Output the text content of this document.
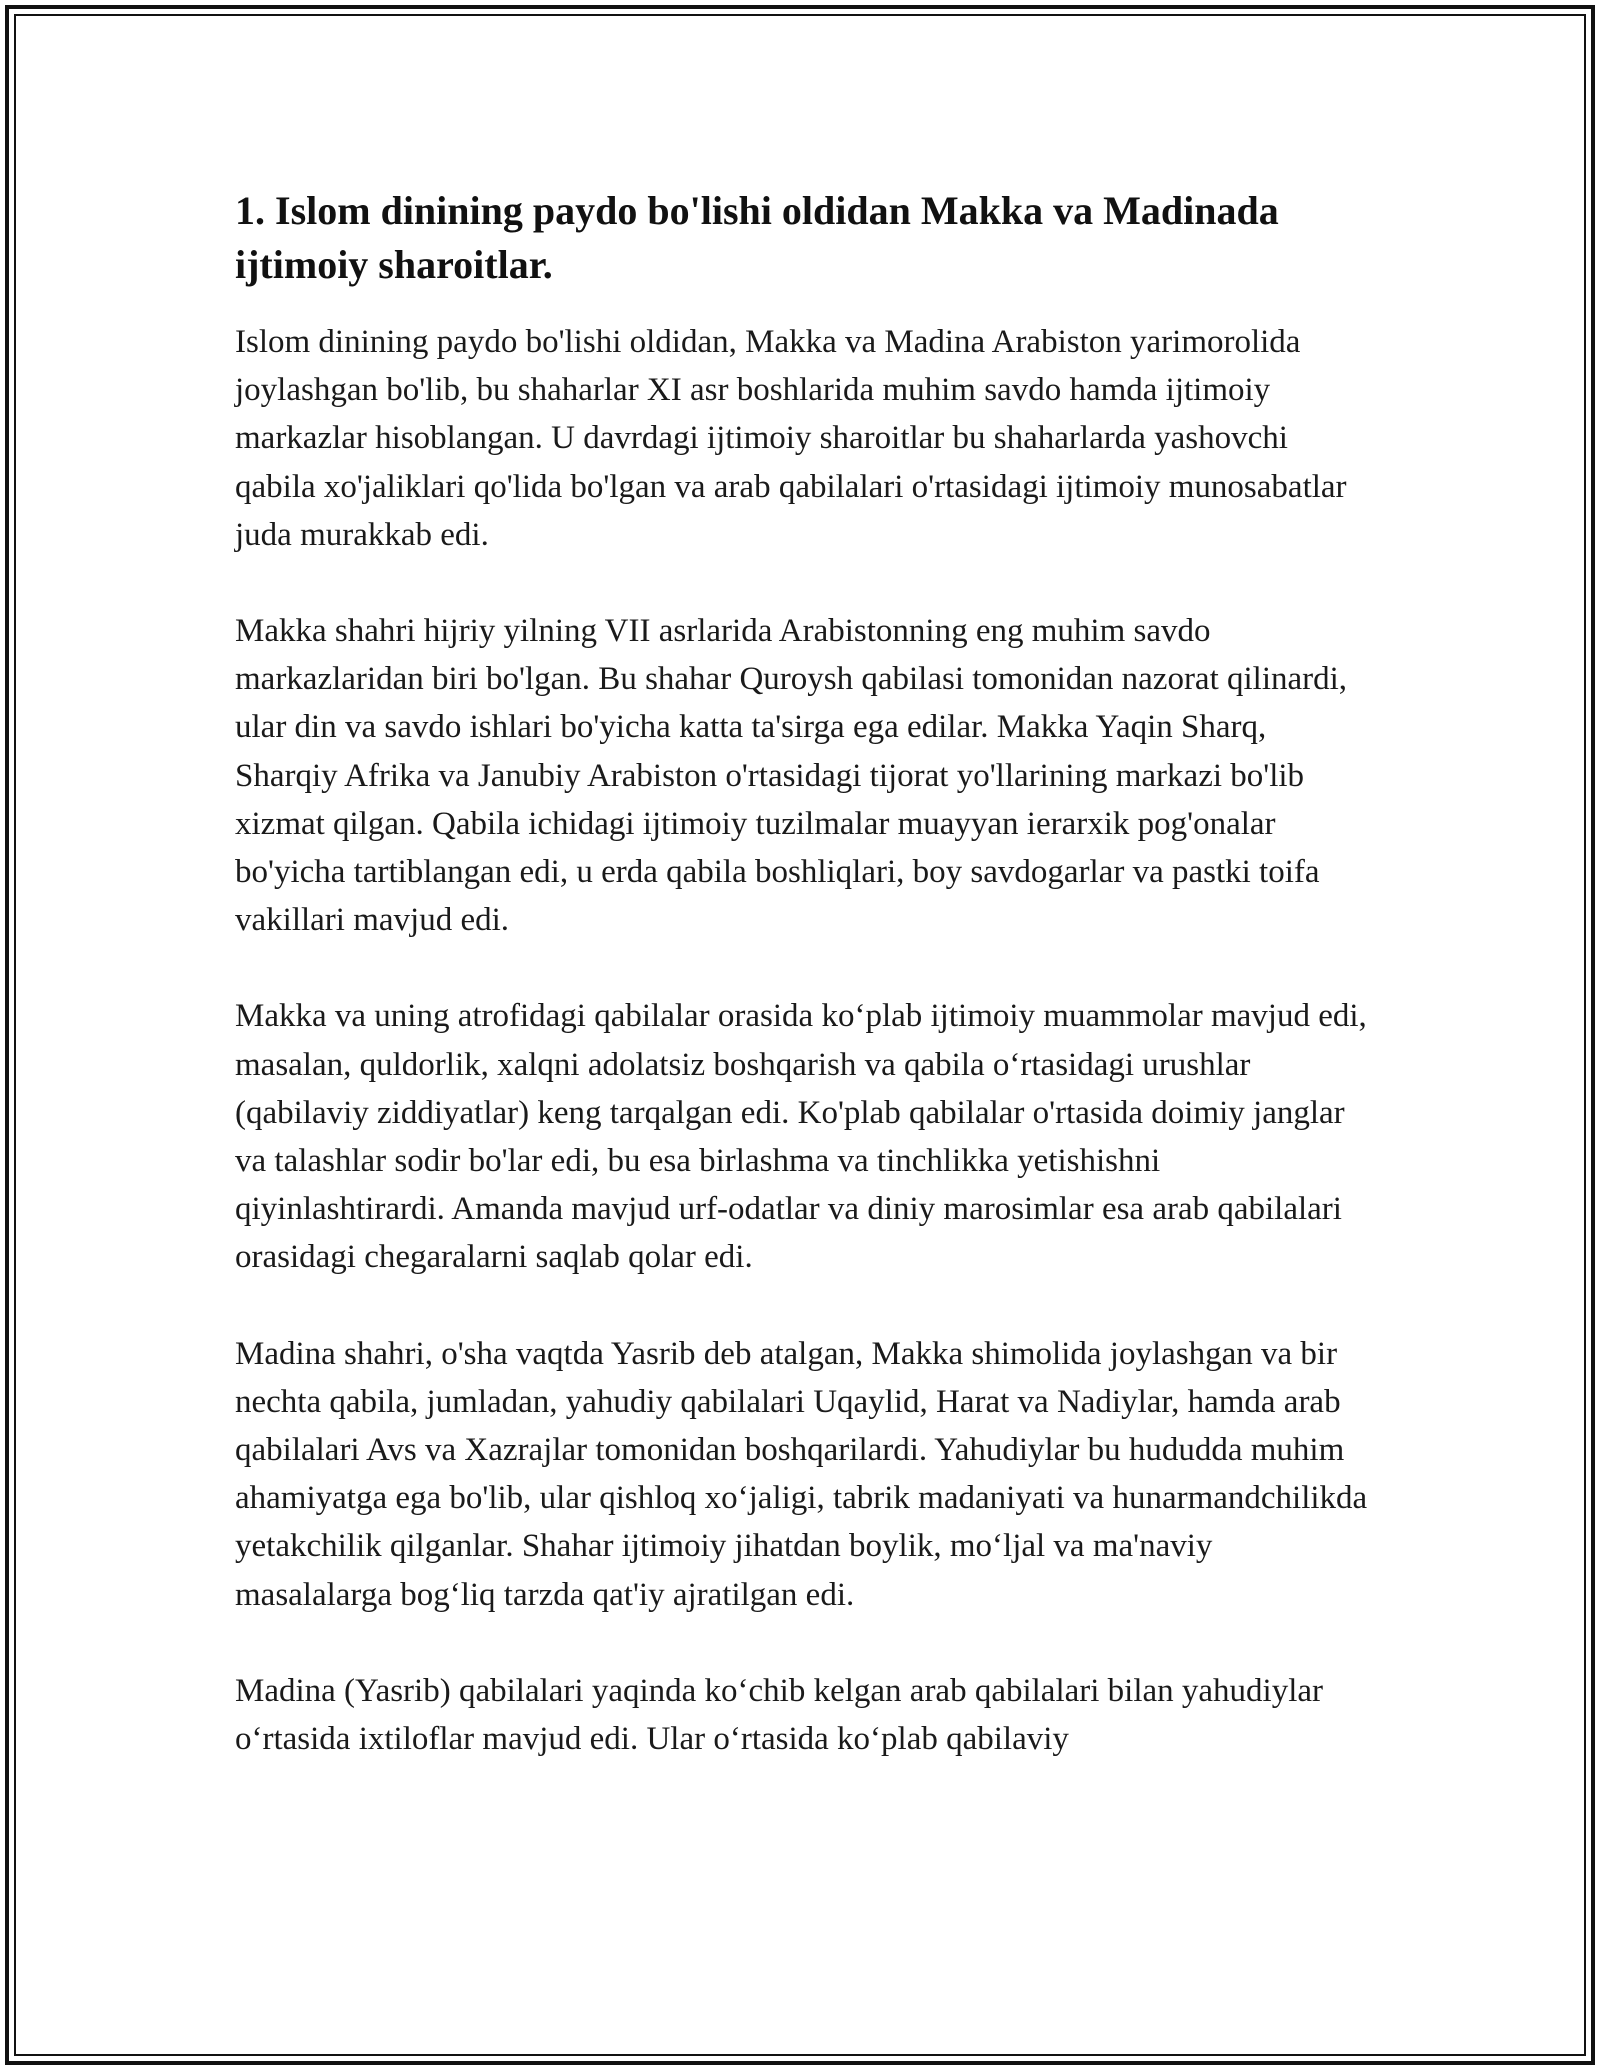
1. Islom dinining paydo bo'lishi oldidan Makka va Madinada ijtimoiy sharoitlar.

Islom dinining paydo bo'lishi oldidan, Makka va Madina Arabiston yarimorolida joylashgan bo'lib, bu shaharlar XI asr boshlarida muhim savdo hamda ijtimoiy markazlar hisoblangan. U davrdagi ijtimoiy sharoitlar bu shaharlarda yashovchi qabila xo'jaliklari qo'lida bo'lgan va arab qabilalari o'rtasidagi ijtimoiy munosabatlar juda murakkab edi.

Makka shahri hijriy yilning VII asrlarida Arabistonning eng muhim savdo markazlaridan biri bo'lgan. Bu shahar Quroysh qabilasi tomonidan nazorat qilinardi, ular din va savdo ishlari bo'yicha katta ta'sirga ega edilar. Makka Yaqin Sharq, Sharqiy Afrika va Janubiy Arabiston o'rtasidagi tijorat yo'llarining markazi bo'lib xizmat qilgan. Qabila ichidagi ijtimoiy tuzilmalar muayyan ierarxik pog'onalar bo'yicha tartiblangan edi, u erda qabila boshliqlari, boy savdogarlar va pastki toifa vakillari mavjud edi.

Makka va uning atrofidagi qabilalar orasida ko‘plab ijtimoiy muammolar mavjud edi, masalan, quldorlik, xalqni adolatsiz boshqarish va qabila o‘rtasidagi urushlar (qabilaviy ziddiyatlar) keng tarqalgan edi. Ko'plab qabilalar o'rtasida doimiy janglar va talashlar sodir bo'lar edi, bu esa birlashma va tinchlikka yetishishni qiyinlashtirardi. Amanda mavjud urf-odatlar va diniy marosimlar esa arab qabilalari orasidagi chegaralarni saqlab qolar edi.

Madina shahri, o'sha vaqtda Yasrib deb atalgan, Makka shimolida joylashgan va bir nechta qabila, jumladan, yahudiy qabilalari Uqaylid, Harat va Nadiylar, hamda arab qabilalari Avs va Xazrajlar tomonidan boshqarilardi. Yahudiylar bu hududda muhim ahamiyatga ega bo'lib, ular qishloq xo‘jaligi, tabrik madaniyati va hunarmandchilikda yetakchilik qilganlar. Shahar ijtimoiy jihatdan boylik, mo‘ljal va ma'naviy masalalarga bog‘liq tarzda qat'iy ajratilgan edi.

Madina (Yasrib) qabilalari yaqinda ko‘chib kelgan arab qabilalari bilan yahudiylar o‘rtasida ixtiloflar mavjud edi. Ular o‘rtasida ko‘plab qabilaviy
